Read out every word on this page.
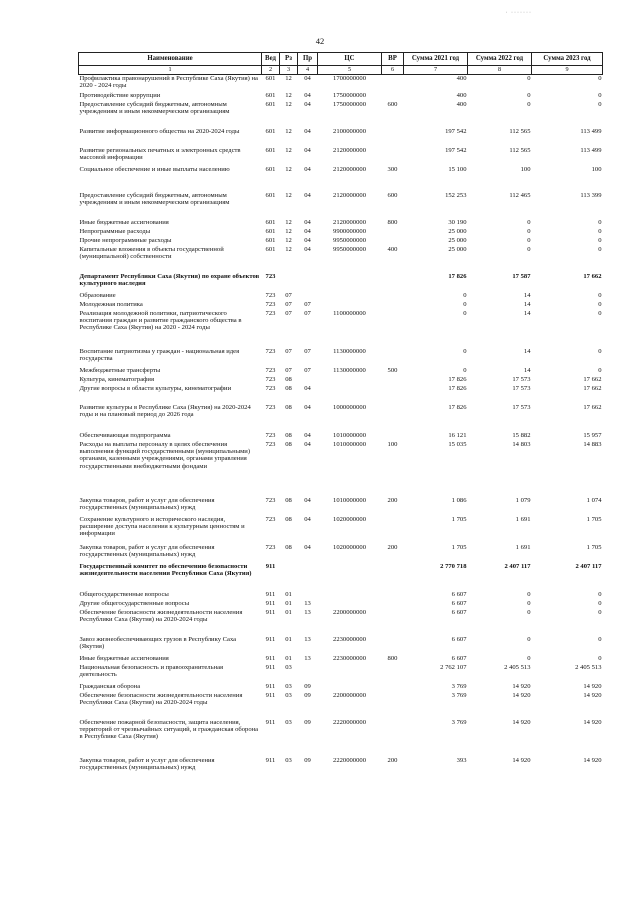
· ·······
42
Наименование	Вед	Рз	Пр	ЦС	ВР	Сумма 2021 год	Сумма 2022 год	Сумма 2023 год
1	2	3	4	5	6	7	8	9
Профилактика правонарушений в Республике Саха (Якутия) на 2020 - 2024 годы	601	12	04	1700000000		400	0	0
Противодействие коррупции	601	12	04	1750000000		400	0	0
Предоставление субсидий бюджетным, автономным учреждениям и иным некоммерческим организациям	601	12	04	1750000000	600	400	0	0
Развитие информационного общества на 2020-2024 годы	601	12	04	2100000000		197 542	112 565	113 499
Развитие региональных печатных и электронных средств массовой информации	601	12	04	2120000000		197 542	112 565	113 499
Социальное обеспечение и иные выплаты населению	601	12	04	2120000000	300	15 100	100	100
Предоставление субсидий бюджетным, автономным учреждениям и иным некоммерческим организациям	601	12	04	2120000000	600	152 253	112 465	113 399
Иные бюджетные ассигнования	601	12	04	2120000000	800	30 190	0	0
Непрограммные расходы	601	12	04	9900000000		25 000	0	0
Прочие непрограммные расходы	601	12	04	9950000000		25 000	0	0
Капитальные вложения в объекты государственной (муниципальной) собственности	601	12	04	9950000000	400	25 000	0	0
Департамент Республики Саха (Якутия) по охране объектов культурного наследия	723					17 826	17 587	17 662
Образование	723	07				0	14	0
Молодежная политика	723	07	07			0	14	0
Реализация молодежной политики, патриотического воспитания граждан и развитие гражданского общества в Республике Саха (Якутия) на 2020 - 2024 годы	723	07	07	1100000000		0	14	0
Воспитание патриотизма у граждан - национальная идея государства	723	07	07	1130000000		0	14	0
Межбюджетные трансферты	723	07	07	1130000000	500	0	14	0
Культура, кинематография	723	08				17 826	17 573	17 662
Другие вопросы в области культуры, кинематографии	723	08	04			17 826	17 573	17 662
Развитие культуры в Республике Саха (Якутия) на 2020-2024 годы и на плановый период до 2026 года	723	08	04	1000000000		17 826	17 573	17 662
Обеспечивающая подпрограмма	723	08	04	1010000000		16 121	15 882	15 957
Расходы на выплаты персоналу в целях обеспечения выполнения функций государственными (муниципальными) органами, казенными учреждениями, органами управления государственными внебюджетными фондами	723	08	04	1010000000	100	15 035	14 803	14 883
Закупка товаров, работ и услуг для обеспечения государственных (муниципальных) нужд	723	08	04	1010000000	200	1 086	1 079	1 074
Сохранение культурного и исторического наследия, расширение доступа населения к культурным ценностям и информации	723	08	04	1020000000		1 705	1 691	1 705
Закупка товаров, работ и услуг для обеспечения государственных (муниципальных) нужд	723	08	04	1020000000	200	1 705	1 691	1 705
Государственный комитет по обеспечению безопасности жизнедеятельности населения Республики Саха (Якутия)	911					2 770 718	2 407 117	2 407 117
Общегосударственные вопросы	911	01				6 607	0	0
Другие общегосударственные вопросы	911	01	13			6 607	0	0
Обеспечение безопасности жизнедеятельности населения Республики Саха (Якутия) на 2020-2024 годы	911	01	13	2200000000		6 607	0	0
Завоз жизнеобеспечивающих грузов в Республику Саха (Якутия)	911	01	13	2230000000		6 607	0	0
Иные бюджетные ассигнования	911	01	13	2230000000	800	6 607	0	0
Национальная безопасность и правоохранительная деятельность	911	03				2 762 107	2 405 513	2 405 513
Гражданская оборона	911	03	09			3 769	14 920	14 920
Обеспечение безопасности жизнедеятельности населения Республики Саха (Якутия) на 2020-2024 годы	911	03	09	2200000000		3 769	14 920	14 920
Обеспечение пожарной безопасности, защита населения, территорий от чрезвычайных ситуаций, и гражданская оборона в Республике Саха (Якутия)	911	03	09	2220000000		3 769	14 920	14 920
Закупка товаров, работ и услуг для обеспечения государственных (муниципальных) нужд	911	03	09	2220000000	200	393	14 920	14 920
